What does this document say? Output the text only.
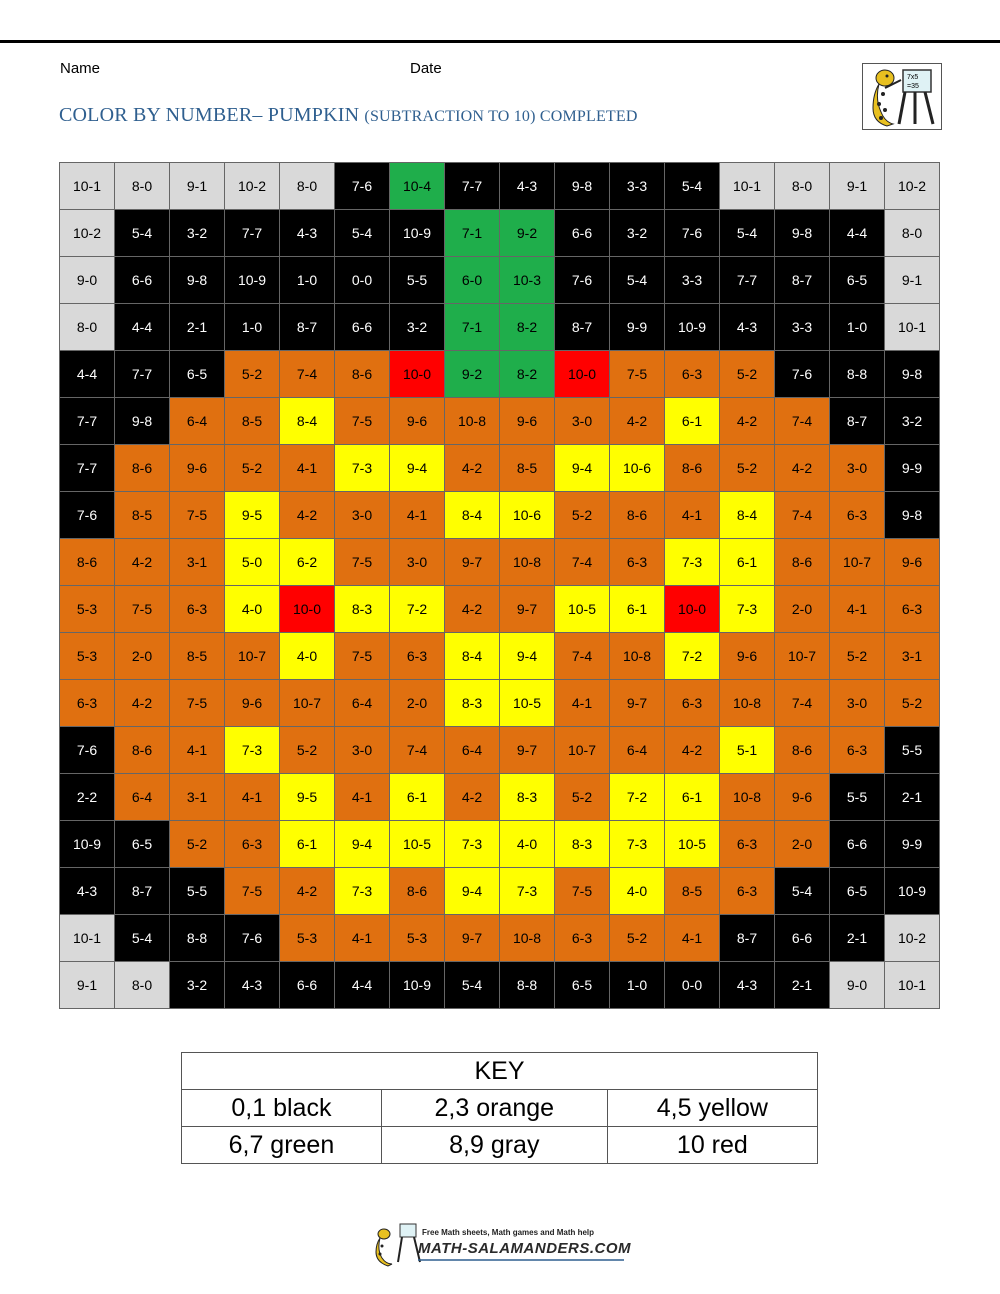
Name	Date
COLOR BY NUMBER– PUMPKIN (SUBTRACTION TO 10) COMPLETED
7x5
=35
10-1	8-0	9-1	10-2	8-0	7-6	10-4	7-7	4-3	9-8	3-3	5-4	10-1	8-0	9-1	10-2
10-2	5-4	3-2	7-7	4-3	5-4	10-9	7-1	9-2	6-6	3-2	7-6	5-4	9-8	4-4	8-0
9-0	6-6	9-8	10-9	1-0	0-0	5-5	6-0	10-3	7-6	5-4	3-3	7-7	8-7	6-5	9-1
8-0	4-4	2-1	1-0	8-7	6-6	3-2	7-1	8-2	8-7	9-9	10-9	4-3	3-3	1-0	10-1
4-4	7-7	6-5	5-2	7-4	8-6	10-0	9-2	8-2	10-0	7-5	6-3	5-2	7-6	8-8	9-8
7-7	9-8	6-4	8-5	8-4	7-5	9-6	10-8	9-6	3-0	4-2	6-1	4-2	7-4	8-7	3-2
7-7	8-6	9-6	5-2	4-1	7-3	9-4	4-2	8-5	9-4	10-6	8-6	5-2	4-2	3-0	9-9
7-6	8-5	7-5	9-5	4-2	3-0	4-1	8-4	10-6	5-2	8-6	4-1	8-4	7-4	6-3	9-8
8-6	4-2	3-1	5-0	6-2	7-5	3-0	9-7	10-8	7-4	6-3	7-3	6-1	8-6	10-7	9-6
5-3	7-5	6-3	4-0	10-0	8-3	7-2	4-2	9-7	10-5	6-1	10-0	7-3	2-0	4-1	6-3
5-3	2-0	8-5	10-7	4-0	7-5	6-3	8-4	9-4	7-4	10-8	7-2	9-6	10-7	5-2	3-1
6-3	4-2	7-5	9-6	10-7	6-4	2-0	8-3	10-5	4-1	9-7	6-3	10-8	7-4	3-0	5-2
7-6	8-6	4-1	7-3	5-2	3-0	7-4	6-4	9-7	10-7	6-4	4-2	5-1	8-6	6-3	5-5
2-2	6-4	3-1	4-1	9-5	4-1	6-1	4-2	8-3	5-2	7-2	6-1	10-8	9-6	5-5	2-1
10-9	6-5	5-2	6-3	6-1	9-4	10-5	7-3	4-0	8-3	7-3	10-5	6-3	2-0	6-6	9-9
4-3	8-7	5-5	7-5	4-2	7-3	8-6	9-4	7-3	7-5	4-0	8-5	6-3	5-4	6-5	10-9
10-1	5-4	8-8	7-6	5-3	4-1	5-3	9-7	10-8	6-3	5-2	4-1	8-7	6-6	2-1	10-2
9-1	8-0	3-2	4-3	6-6	4-4	10-9	5-4	8-8	6-5	1-0	0-0	4-3	2-1	9-0	10-1
KEY		
0,1 black	2,3 orange	4,5 yellow
6,7 green	8,9 gray	10 red
Free Math sheets, Math games and Math help
MATH-SALAMANDERS.COM
